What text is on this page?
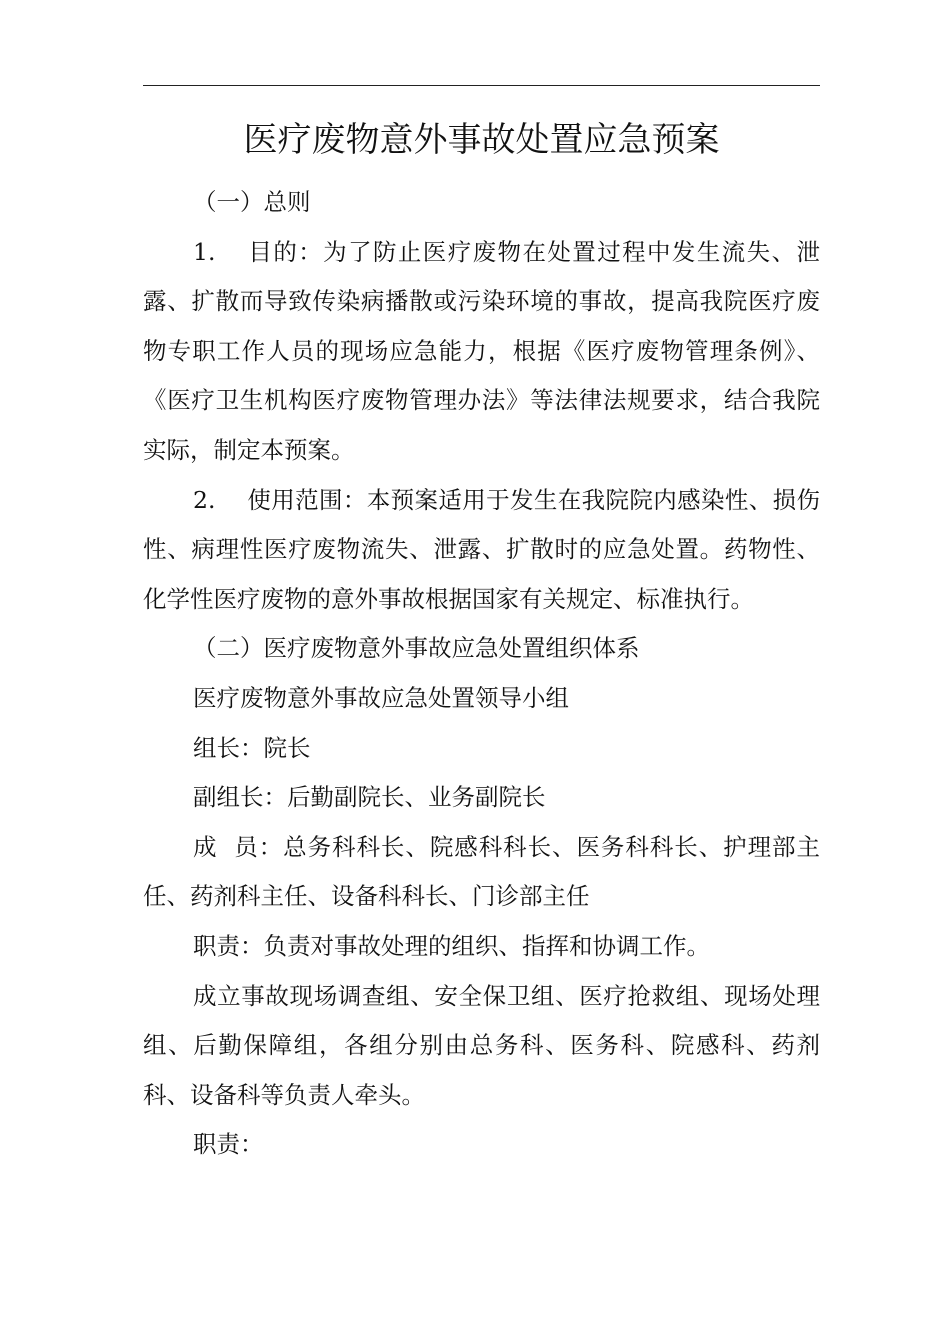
医疗废物意外事故处置应急预案

（一）总则

1. 目的：为了防止医疗废物在处置过程中发生流失、泄露、扩散而导致传染病播散或污染环境的事故，提高我院医疗废物专职工作人员的现场应急能力，根据《医疗废物管理条例》、《医疗卫生机构医疗废物管理办法》等法律法规要求，结合我院实际，制定本预案。

2. 使用范围：本预案适用于发生在我院院内感染性、损伤性、病理性医疗废物流失、泄露、扩散时的应急处置。药物性、化学性医疗废物的意外事故根据国家有关规定、标准执行。

（二）医疗废物意外事故应急处置组织体系

医疗废物意外事故应急处置领导小组

组长：院长

副组长：后勤副院长、业务副院长

成  员：总务科科长、院感科科长、医务科科长、护理部主任、药剂科主任、设备科科长、门诊部主任

职责：负责对事故处理的组织、指挥和协调工作。

成立事故现场调查组、安全保卫组、医疗抢救组、现场处理组、后勤保障组，各组分别由总务科、医务科、院感科、药剂科、设备科等负责人牵头。

职责：
